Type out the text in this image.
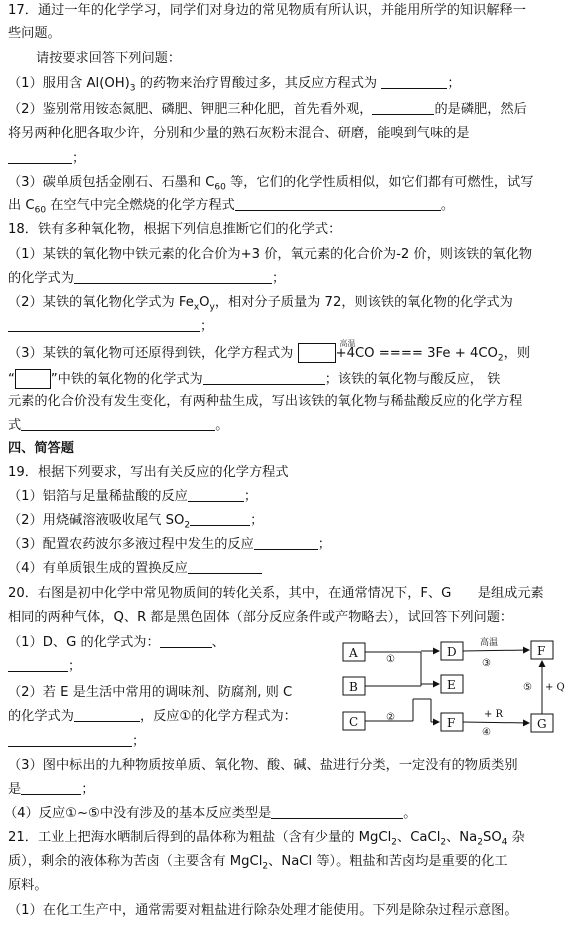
17．通过一年的化学学习，同学们对身边的常见物质有所认识，并能用所学的知识解释一
些问题。
请按要求回答下列问题：
（1）服用含 $Al(OH)_3$ 的药物来治疗胃酸过多，其反应方程式为	；
（2）鉴别常用铵态氮肥、磷肥、钾肥三种化肥，首先看外观，	的是磷肥，然后
将另两种化肥各取少许，分别和少量的熟石灰粉末混合、研磨，能嗅到气味的是
；
（3）碳单质包括金刚石、石墨和 $C_{60}$ 等，它们的化学性质相似，如它们都有可燃性，试写
出 $C_{60}$ 在空气中完全燃烧的化学方程式	。
18．铁有多种氧化物，根据下列信息推断它们的化学式：
（1）某铁的氧化物中铁元素的化合价为+3 价，氧元素的化合价为-2 价，则该铁的氧化物
的化学式为	；
（2）某铁的氧化物化学式为 $Fe_xO_y$，相对分子质量为 72，则该铁的氧化物的化学式为
；
（3）某铁的氧化物可还原得到铁，化学方程式为
高温
+4CO ==== $3Fe + 4CO_2$，则
“	”中铁的氧化物的化学式为	；该铁的氧化物与酸反应， 铁
元素的化合价没有发生变化，有两种盐生成，写出该铁的氧化物与稀盐酸反应的化学方程
式	。
四、简答题
19．根据下列要求，写出有关反应的化学方程式
（1）铝箔与足量稀盐酸的反应	；
（2）用烧碱溶液吸收尾气 $SO_2$	；
（3）配置农药波尔多液过程中发生的反应	；
（4）有单质银生成的置换反应
20．右图是初中化学中常见物质间的转化关系，其中，在通常情况下，F、G　　是组成元素
相同的两种气体，Q、R 都是黑色固体（部分反应条件或产物略去），试回答下列问题：
（1）D、G 的化学式为：	、
；
（2）若 E 是生活中常用的调味剂、防腐剂, 则 C
的化学式为	，反应①的化学方程式为：
；
（3）图中标出的九种物质按单质、氧化物、酸、碱、盐进行分类，一定没有的物质类别
是	；
（4）反应①~⑤中没有涉及的基本反应类型是	。
21．工业上把海水晒制后得到的晶体称为粗盐（含有少量的 MgCl$_2$、CaCl$_2$、$Na_2SO_4$ 杂
质），剩余的液体称为苦卤（主要含有 MgCl$_2$、NaCl 等）。粗盐和苦卤均是重要的化工
原料。
（1）在化工生产中，通常需要对粗盐进行除杂处理才能使用。下列是除杂过程示意图。
A
B
C
D
E
F
F
G
①
②
③
④
⑤
高温
+ R
+ Q
